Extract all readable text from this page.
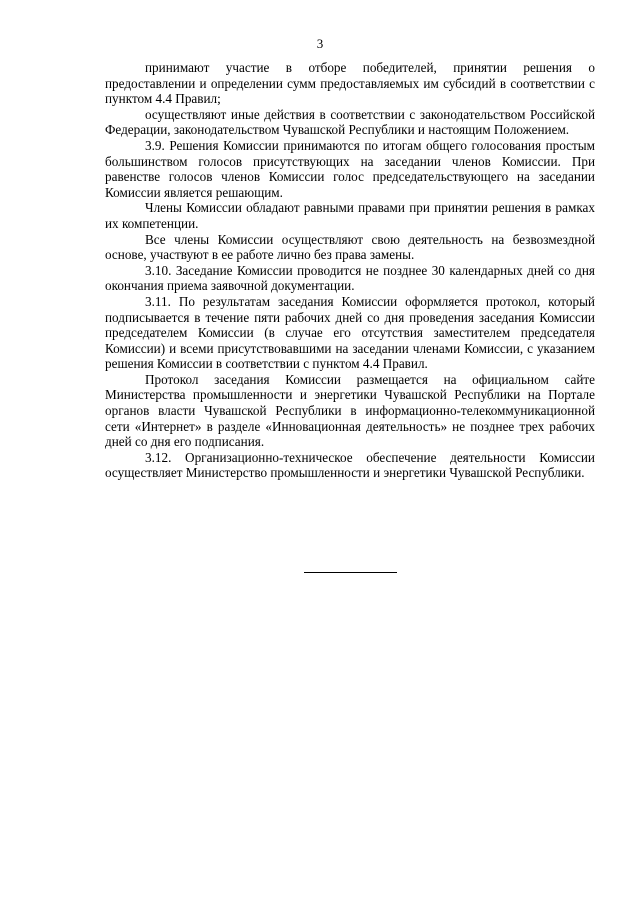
3

принимают участие в отборе победителей, принятии решения о предоставлении и определении сумм предоставляемых им субсидий в соответствии с пунктом 4.4 Правил;

осуществляют иные действия в соответствии с законодательством Российской Федерации, законодательством Чувашской Республики и настоящим Положением.

3.9. Решения Комиссии принимаются по итогам общего голосования простым большинством голосов присутствующих на заседании членов Комиссии. При равенстве голосов членов Комиссии голос председательствующего на заседании Комиссии является решающим.

Члены Комиссии обладают равными правами при принятии решения в рамках их компетенции.

Все члены Комиссии осуществляют свою деятельность на безвозмездной основе, участвуют в ее работе лично без права замены.

3.10. Заседание Комиссии проводится не позднее 30 календарных дней со дня окончания приема заявочной документации.

3.11. По результатам заседания Комиссии оформляется протокол, который подписывается в течение пяти рабочих дней со дня проведения заседания Комиссии председателем Комиссии (в случае его отсутствия заместителем председателя Комиссии) и всеми присутствовавшими на заседании членами Комиссии, с указанием решения Комиссии в соответствии с пунктом 4.4 Правил.

Протокол заседания Комиссии размещается на официальном сайте Министерства промышленности и энергетики Чувашской Республики на Портале органов власти Чувашской Республики в информационно-телекоммуникационной сети «Интернет» в разделе «Инновационная деятельность» не позднее трех рабочих дней со дня его подписания.

3.12. Организационно-техническое обеспечение деятельности Комиссии осуществляет Министерство промышленности и энергетики Чувашской Республики.
